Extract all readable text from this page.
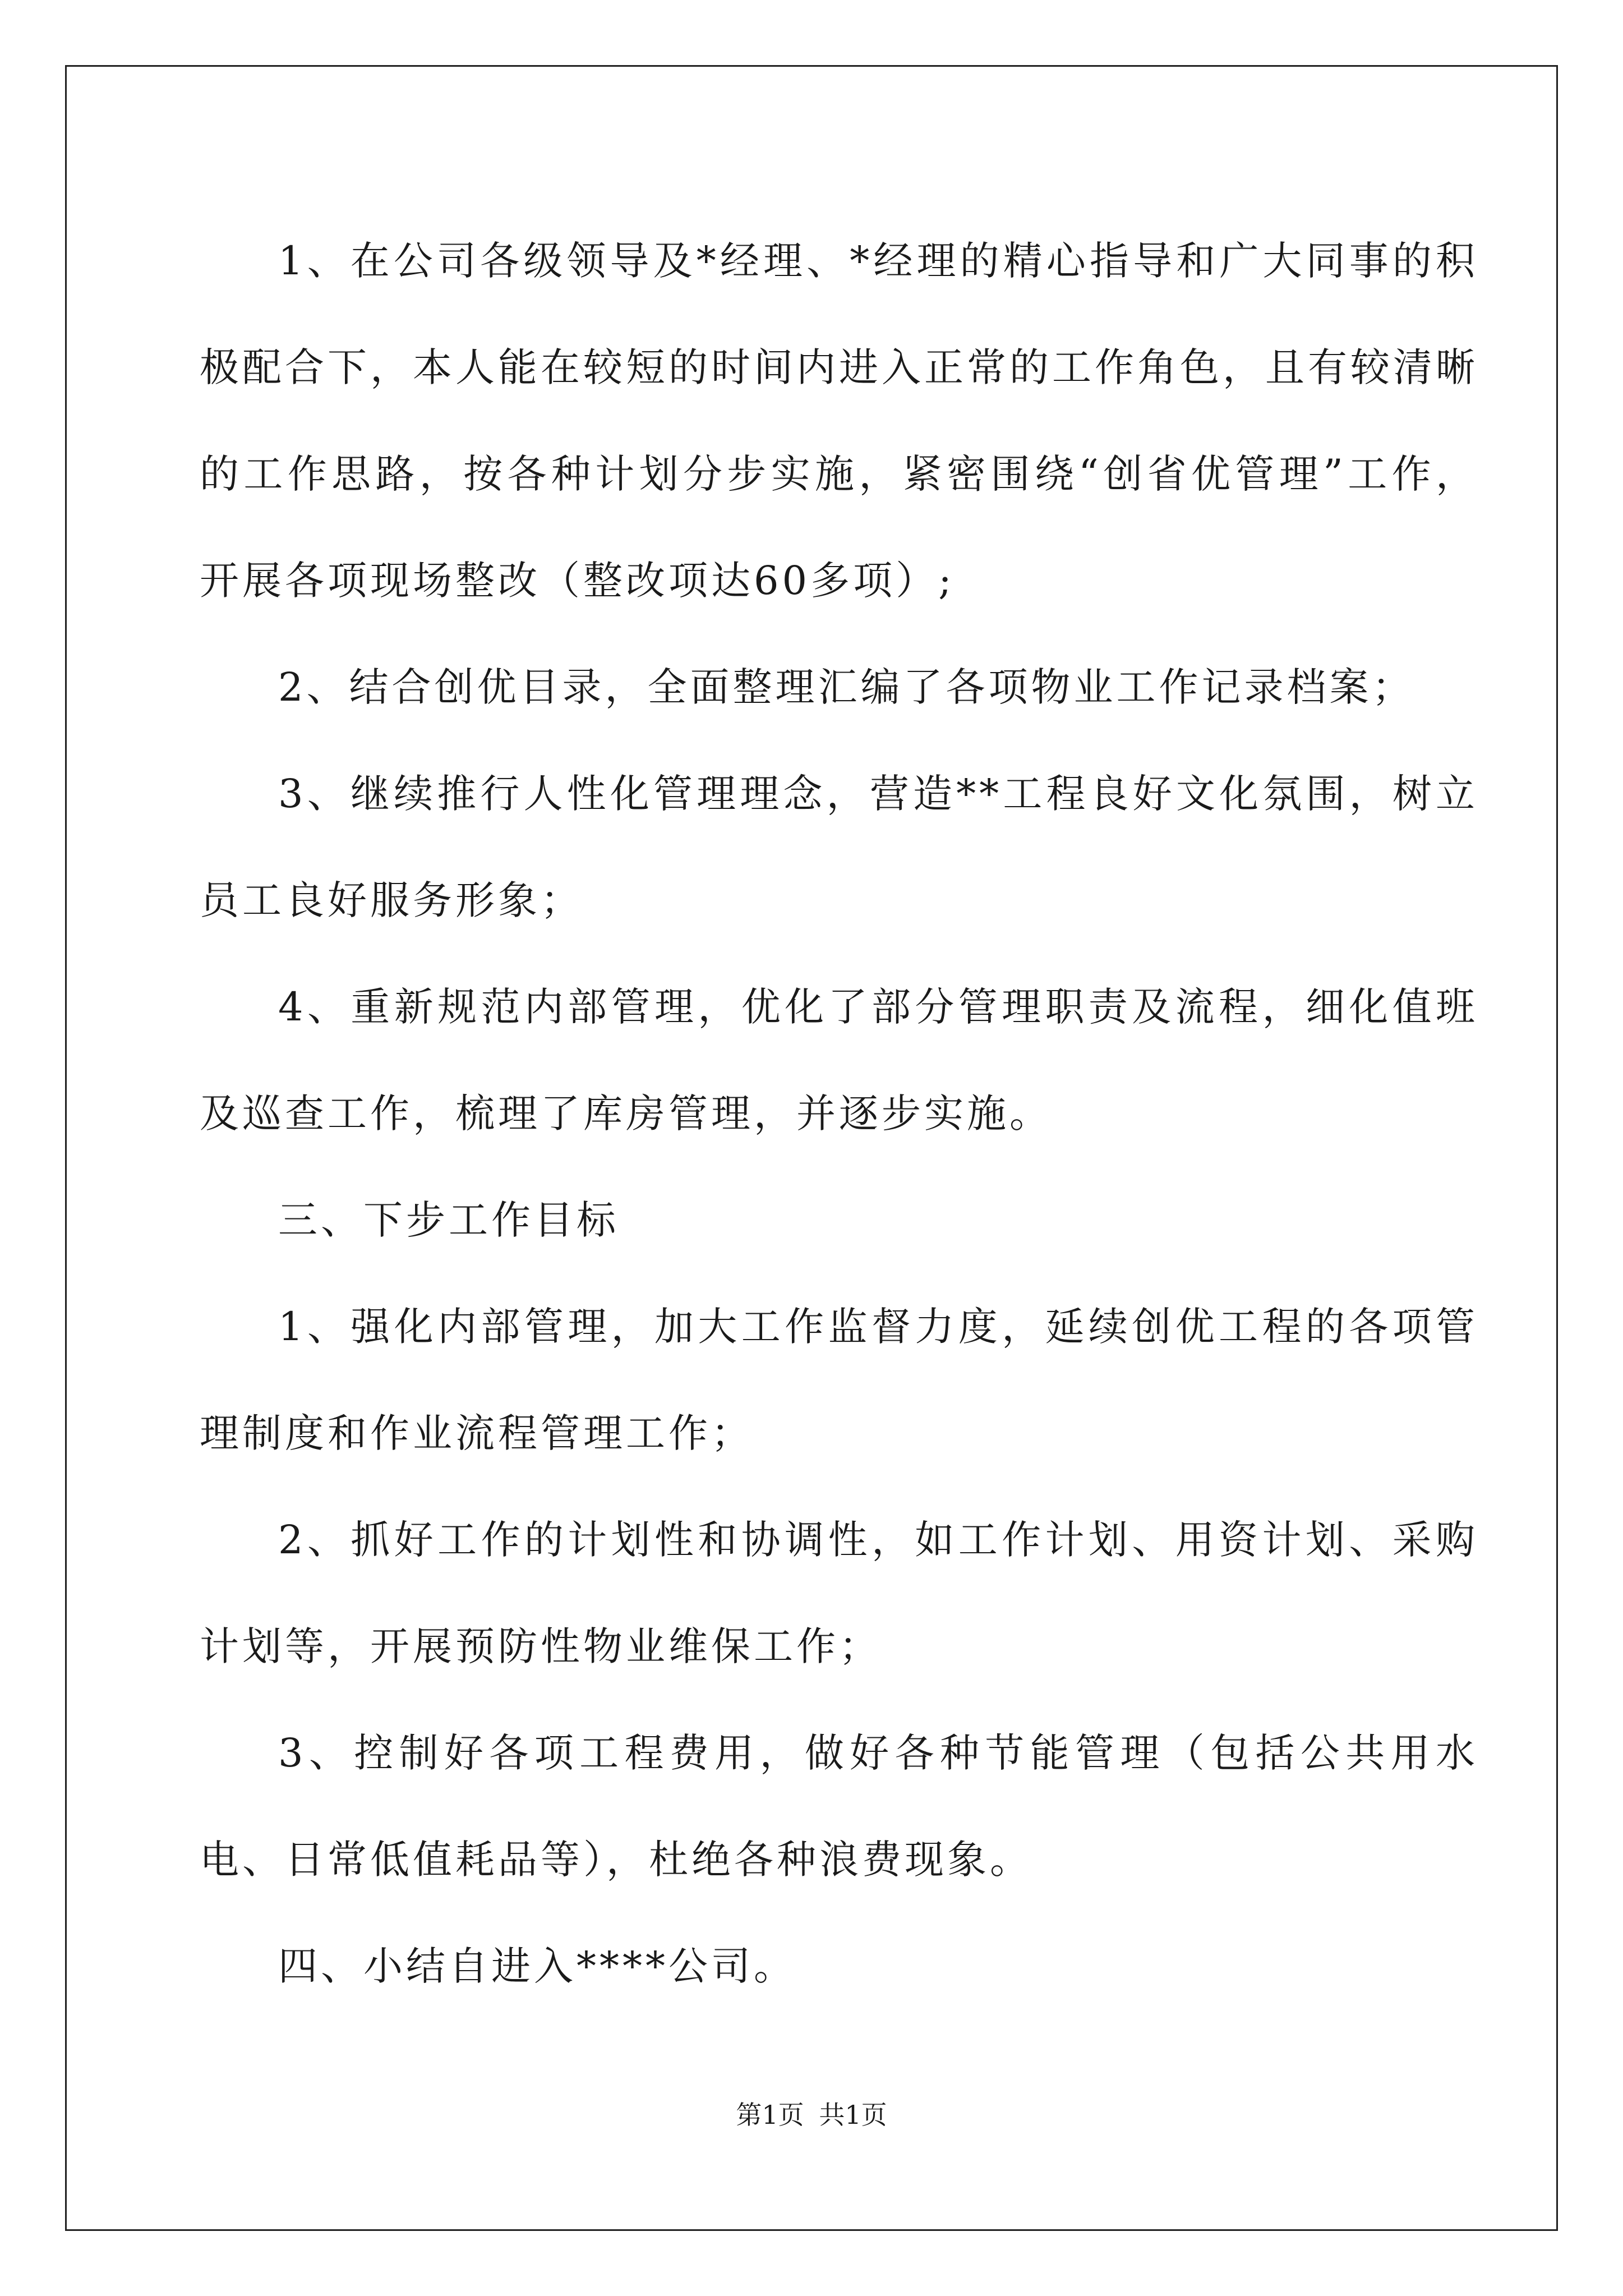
1、在公司各级领导及*经理、*经理的精心指导和广大同事的积极配合下，本人能在较短的时间内进入正常的工作角色，且有较清晰的工作思路，按各种计划分步实施，紧密围绕“创省优管理”工作，开展各项现场整改（整改项达60多项）;

2、结合创优目录，全面整理汇编了各项物业工作记录档案；

3、继续推行人性化管理理念，营造**工程良好文化氛围，树立员工良好服务形象；

4、重新规范内部管理，优化了部分管理职责及流程，细化值班及巡查工作，梳理了库房管理，并逐步实施。

三、下步工作目标

1、强化内部管理，加大工作监督力度，延续创优工程的各项管理制度和作业流程管理工作；

2、抓好工作的计划性和协调性，如工作计划、用资计划、采购计划等，开展预防性物业维保工作；

3、控制好各项工程费用，做好各种节能管理（包括公共用水电、日常低值耗品等），杜绝各种浪费现象。

四、小结自进入****公司。

第1页 共1页
